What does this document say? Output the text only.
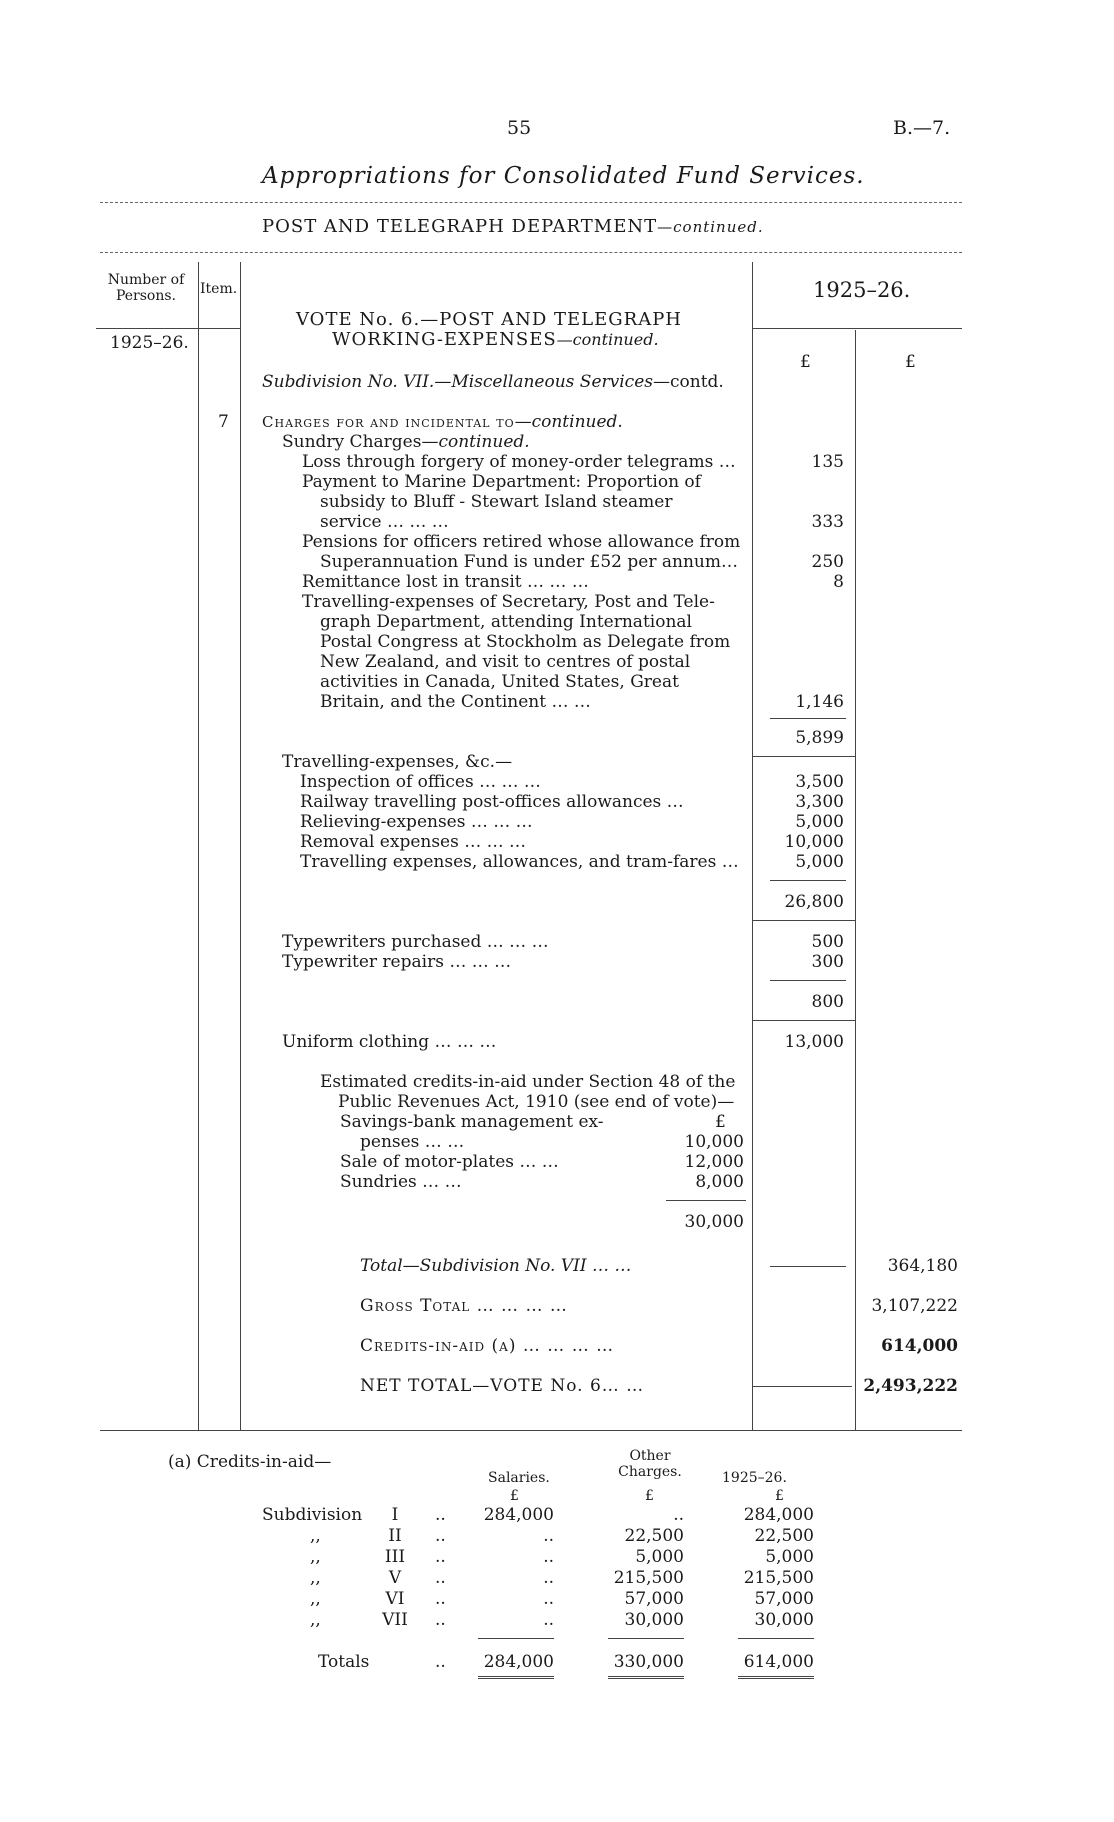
55	B.—7.
Appropriations for Consolidated Fund Services.
POST AND TELEGRAPH DEPARTMENT—continued.
Number of Persons.	Item.	1925–26.
1925–26.
£	£
VOTE No. 6.—POST AND TELEGRAPH
WORKING-EXPENSES—continued.
Subdivision No. VII.—Miscellaneous Services—contd.
7 Charges for and incidental to—continued.
Sundry Charges—continued.
Loss through forgery of money-order telegrams …	135
Payment to Marine Department: Proportion of
subsidy to Bluff - Stewart Island steamer
service … … …	333
Pensions for officers retired whose allowance from
Superannuation Fund is under £52 per annum…	250
Remittance lost in transit … … …	8
Travelling-expenses of Secretary, Post and Tele-
graph Department, attending International
Postal Congress at Stockholm as Delegate from
New Zealand, and visit to centres of postal
activities in Canada, United States, Great
Britain, and the Continent … …	1,146
5,899
Travelling-expenses, &c.—
Inspection of offices … … …	3,500
Railway travelling post-offices allowances …	3,300
Relieving-expenses … … …	5,000
Removal expenses … … …	10,000
Travelling expenses, allowances, and tram-fares …	5,000
26,800
Typewriters purchased … … …	500
Typewriter repairs … … …	300
800
Uniform clothing … … …	13,000
Estimated credits-in-aid under Section 48 of the
Public Revenues Act, 1910 (see end of vote)—
£
Savings-bank management ex-
penses … …	10,000
Sale of motor-plates … …	12,000
Sundries … …	8,000
30,000
Total—Subdivision No. VII … …	364,180
Gross Total … … … …	3,107,222
Credits-in-aid (a) … … … …	614,000
NET TOTAL—VOTE No. 6… …	2,493,222
(a) Credits-in-aid—	Other Charges.
Salaries.	1925–26.
£	£	£
Subdivision	I	..	284,000	..	284,000
,,	II	..	..	22,500	22,500
,,	III	..	..	5,000	5,000
,,	V	..	..	215,500	215,500
,,	VI	..	..	57,000	57,000
,,	VII	..	..	30,000	30,000
Totals	..	284,000	330,000	614,000
